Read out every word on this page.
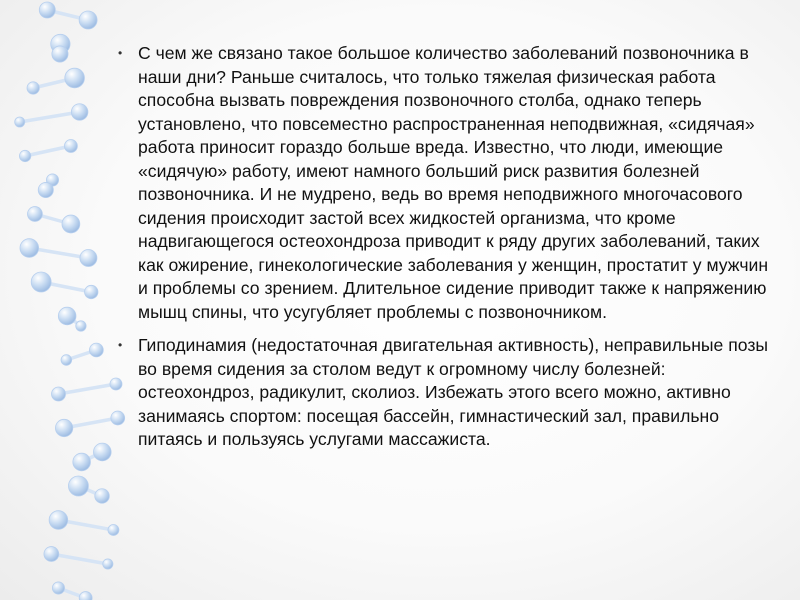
• С чем же связано такое большое количество заболеваний позвоночника в наши дни? Раньше считалось, что только тяжелая физическая работа способна вызвать повреждения позвоночного столба, однако теперь установлено, что повсеместно распространенная неподвижная, «сидячая» работа приносит гораздо больше вреда. Известно, что люди, имеющие «сидячую» работу, имеют намного больший риск развития болезней позвоночника. И не мудрено, ведь во время неподвижного многочасового сидения происходит застой всех жидкостей организма, что кроме надвигающегося остеохондроза приводит к ряду других заболеваний, таких как ожирение, гинекологические заболевания у женщин, простатит у мужчин и проблемы со зрением. Длительное сидение приводит также к напряжению мышц спины, что усугубляет проблемы с позвоночником.
• Гиподинамия (недостаточная двигательная активность), неправильные позы во время сидения за столом ведут к огромному числу болезней: остеохондроз, радикулит, сколиоз. Избежать этого всего можно, активно занимаясь спортом: посещая бассейн, гимнастический зал, правильно питаясь и пользуясь услугами массажиста.
